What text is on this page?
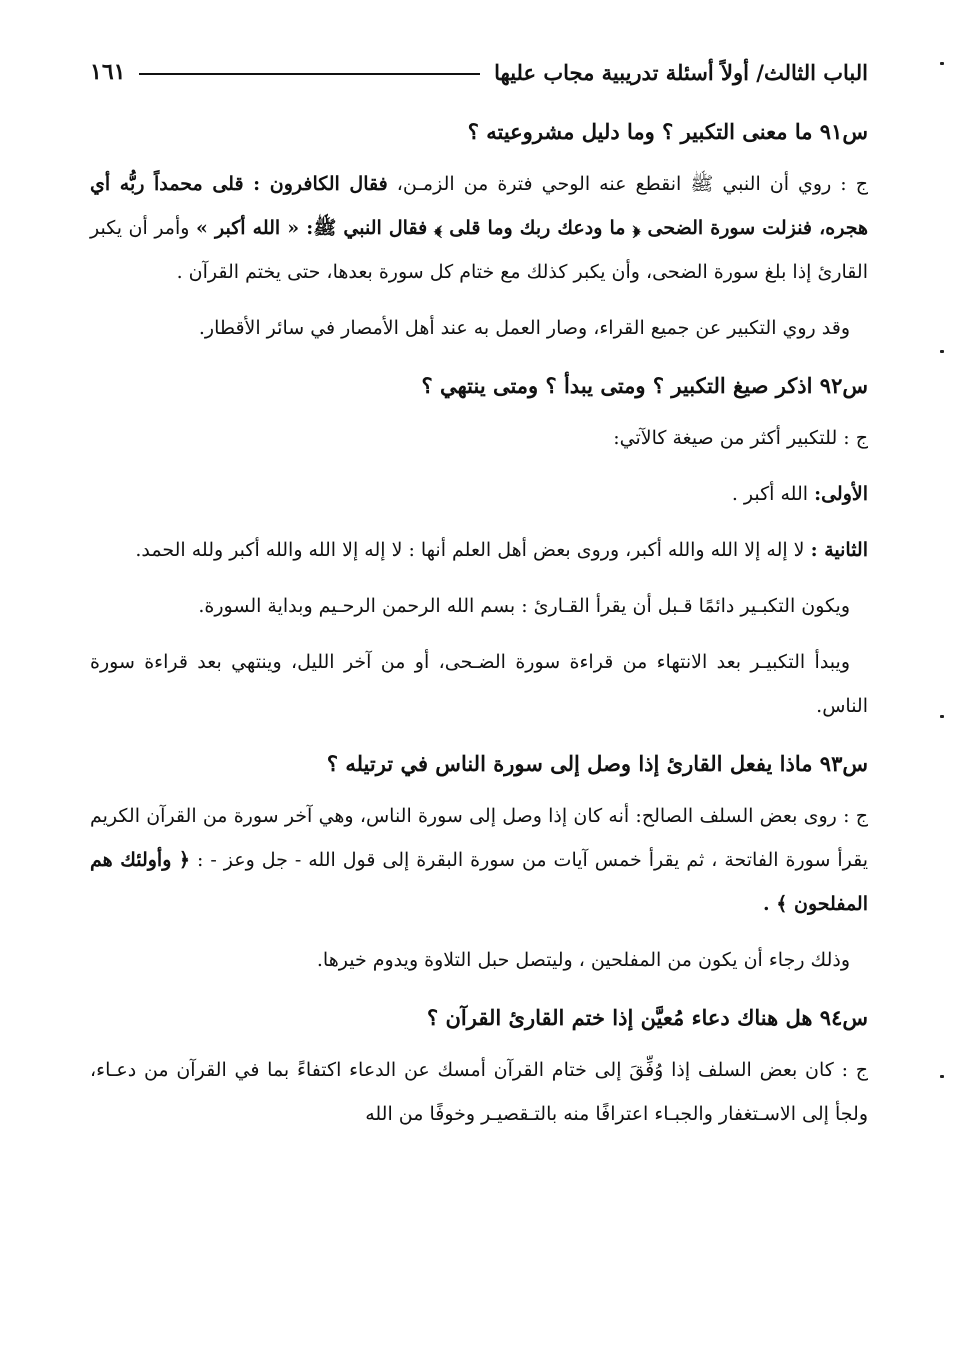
الباب الثالث/ أولاً أسئلة تدريبية مجاب عليها
١٦١
س٩١ ما معنى التكبير ؟ وما دليل مشروعيته ؟
ج : روي أن النبي ﷺ انقطع عنه الوحي فترة من الزمـن، فقال الكافرون : قلى محمداً ربُّه أي هجره، فنزلت سورة الضحى ﴿ ما ودعك ربك وما قلى ﴾ فقال النبي ﷺ: « الله أكبر » وأمر أن يكبر القارئ إذا بلغ سورة الضحى، وأن يكبر كذلك مع ختام كل سورة بعدها، حتى يختم القرآن .
وقد روي التكبير عن جميع القراء، وصار العمل به عند أهل الأمصار في سائر الأقطار.
س٩٢ اذكر صيغ التكبير ؟ ومتى يبدأ ؟ ومتى ينتهي ؟
ج : للتكبير أكثر من صيغة كالآتي:
الأولى: الله أكبر .
الثانية : لا إله إلا الله والله أكبر، وروى بعض أهل العلم أنها : لا إله إلا الله والله أكبر ولله الحمد.
ويكون التكبـير دائمًا قـبل أن يقرأ القـارئ : بسم الله الرحمن الرحـيم وبداية السورة.
ويبدأ التكبيـر بعد الانتهاء من قراءة سورة الضـحى، أو من آخر الليل، وينتهي بعد قراءة سورة الناس.
س٩٣ ماذا يفعل القارئ إذا وصل إلى سورة الناس في ترتيله ؟
ج : روى بعض السلف الصالح: أنه كان إذا وصل إلى سورة الناس، وهي آخر سورة من القرآن الكريم يقرأ سورة الفاتحة ، ثم يقرأ خمس آيات من سورة البقرة إلى قول الله - جل وعز - : ﴿ وأولئك هم المفلحون ﴾ .
وذلك رجاء أن يكون من المفلحين ، وليتصل حبل التلاوة ويدوم خيرها.
س٩٤ هل هناك دعاء مُعيَّن إذا ختم القارئ القرآن ؟
ج : كان بعض السلف إذا وُفِّقَ إلى ختام القرآن أمسك عن الدعاء اكتفاءً بما في القرآن من دعـاء، ولجأ إلى الاسـتغفار والجبـاء اعترافًا منه بالتـقصيـر وخوفًا من الله
